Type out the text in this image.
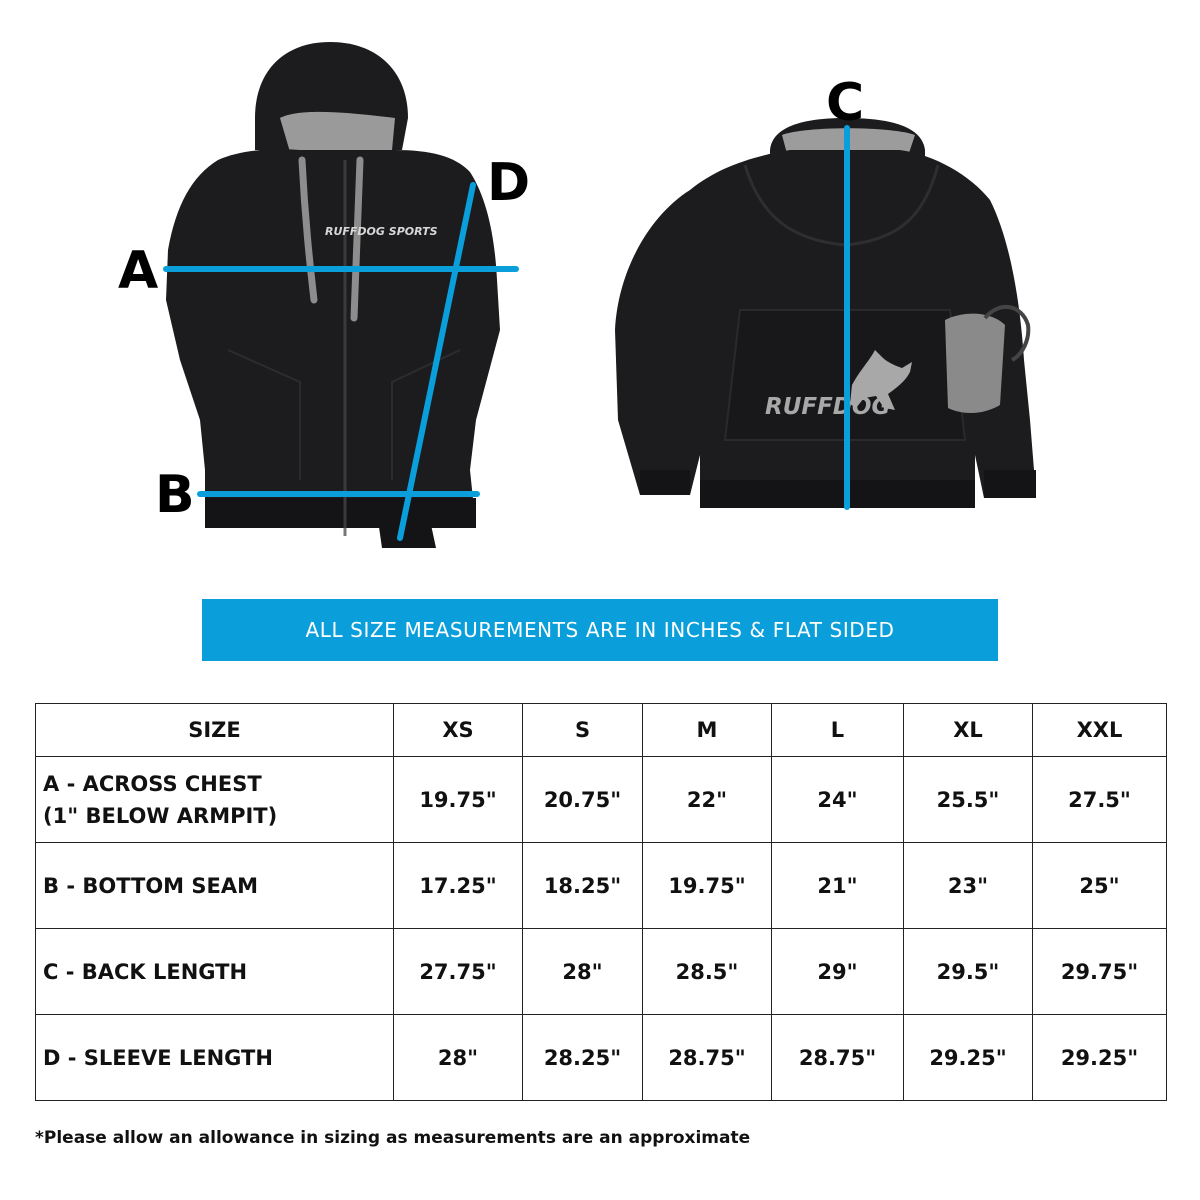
RUFFDOG SPORTS
A
B
D
RUFFDOG
C
ALL SIZE MEASUREMENTS ARE IN INCHES & FLAT SIDED
SIZE	XS	S	M	L	XL	XXL
A - ACROSS CHEST
(1" BELOW ARMPIT)	19.75"	20.75"	22"	24"	25.5"	27.5"
B - BOTTOM SEAM	17.25"	18.25"	19.75"	21"	23"	25"
C - BACK LENGTH	27.75"	28"	28.5"	29"	29.5"	29.75"
D - SLEEVE LENGTH	28"	28.25"	28.75"	28.75"	29.25"	29.25"
*Please allow an allowance in sizing as measurements are an approximate
